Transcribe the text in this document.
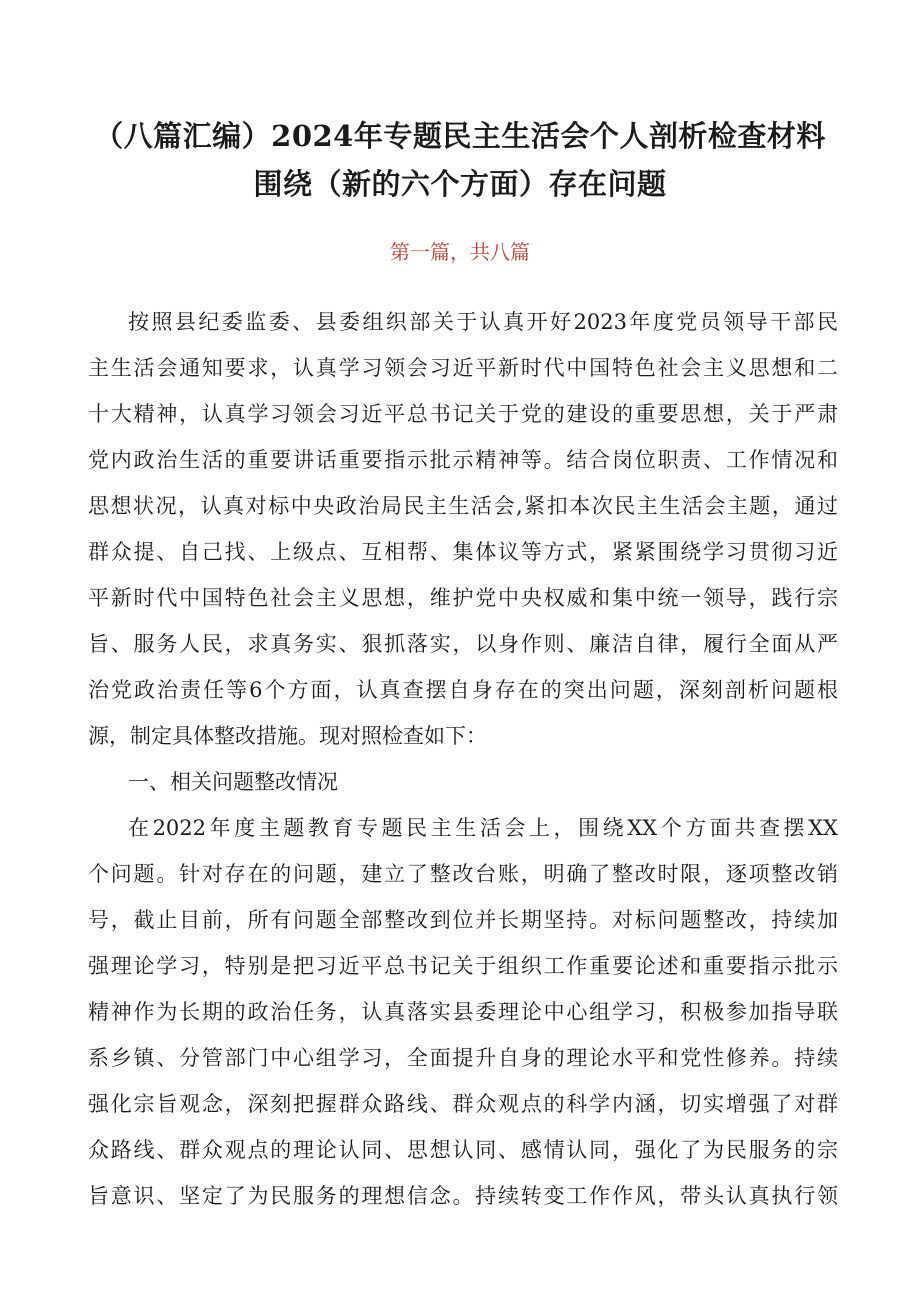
（八篇汇编）2024年专题民主生活会个人剖析检查材料
围绕（新的六个方面）存在问题

第一篇，共八篇

按照县纪委监委、县委组织部关于认真开好2023年度党员领导干部民

主生活会通知要求，认真学习领会习近平新时代中国特色社会主义思想和二

十大精神，认真学习领会习近平总书记关于党的建设的重要思想，关于严肃

党内政治生活的重要讲话重要指示批示精神等。结合岗位职责、工作情况和

思想状况，认真对标中央政治局民主生活会,紧扣本次民主生活会主题，通过

群众提、自己找、上级点、互相帮、集体议等方式，紧紧围绕学习贯彻习近

平新时代中国特色社会主义思想，维护党中央权威和集中统一领导，践行宗

旨、服务人民，求真务实、狠抓落实，以身作则、廉洁自律，履行全面从严

治党政治责任等6个方面，认真查摆自身存在的突出问题，深刻剖析问题根

源，制定具体整改措施。现对照检查如下：

一、相关问题整改情况

在2022年度主题教育专题民主生活会上，围绕XX个方面共查摆XX

个问题。针对存在的问题，建立了整改台账，明确了整改时限，逐项整改销

号，截止目前，所有问题全部整改到位并长期坚持。对标问题整改，持续加

强理论学习，特别是把习近平总书记关于组织工作重要论述和重要指示批示

精神作为长期的政治任务，认真落实县委理论中心组学习，积极参加指导联

系乡镇、分管部门中心组学习，全面提升自身的理论水平和党性修养。持续

强化宗旨观念，深刻把握群众路线、群众观点的科学内涵，切实增强了对群

众路线、群众观点的理论认同、思想认同、感情认同，强化了为民服务的宗

旨意识、坚定了为民服务的理想信念。持续转变工作作风，带头认真执行领
